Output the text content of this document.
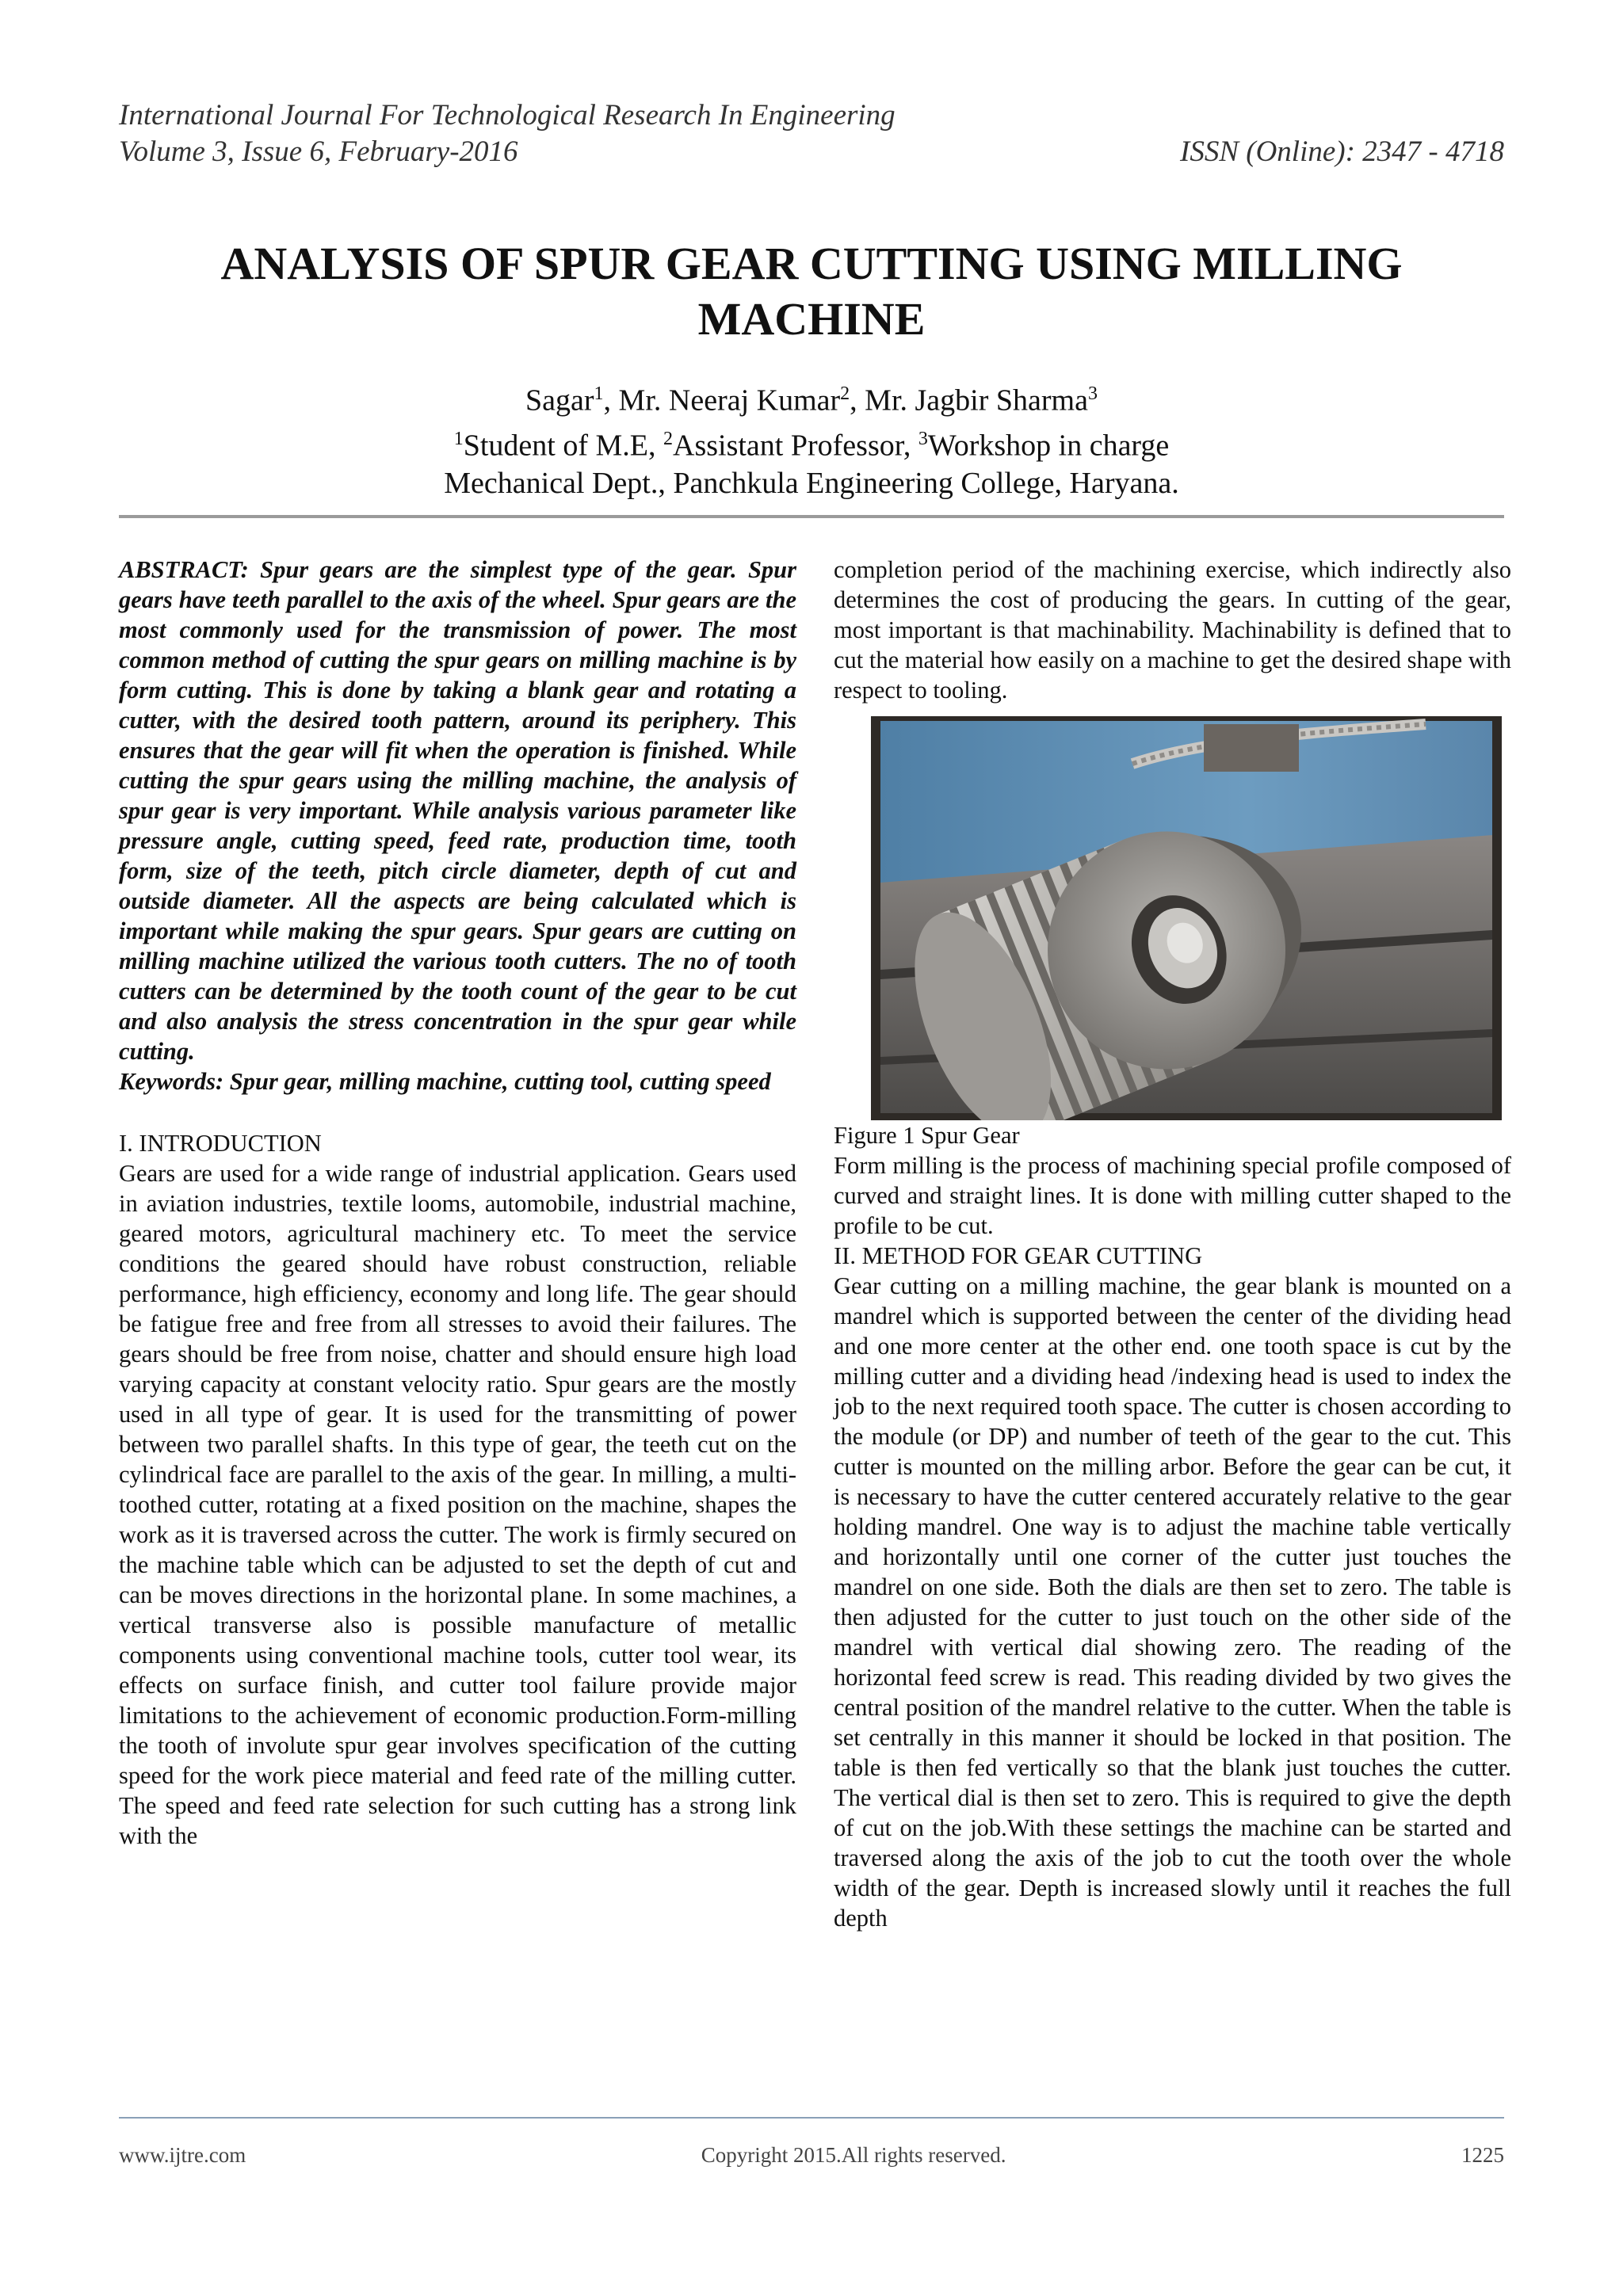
International Journal For Technological Research In Engineering
Volume 3, Issue 6, February-2016	ISSN (Online): 2347 - 4718
ANALYSIS OF SPUR GEAR CUTTING USING MILLING MACHINE
Sagar$^1$, Mr. Neeraj Kumar$^2$, Mr. Jagbir Sharma$^3$
$^1$Student of M.E, $^2$Assistant Professor, $^3$Workshop in charge
Mechanical Dept., Panchkula Engineering College, Haryana.

ABSTRACT: Spur gears are the simplest type of the gear. Spur gears have teeth parallel to the axis of the wheel. Spur gears are the most commonly used for the transmission of power. The most common method of cutting the spur gears on milling machine is by form cutting. This is done by taking a blank gear and rotating a cutter, with the desired tooth pattern, around its periphery. This ensures that the gear will fit when the operation is finished. While cutting the spur gears using the milling machine, the analysis of spur gear is very important. While analysis various parameter like pressure angle, cutting speed, feed rate, production time, tooth form, size of the teeth, pitch circle diameter, depth of cut and outside diameter. All the aspects are being calculated which is important while making the spur gears. Spur gears are cutting on milling machine utilized the various tooth cutters. The no of tooth cutters can be determined by the tooth count of the gear to be cut and also analysis the stress concentration in the spur gear while cutting.

Keywords: Spur gear, milling machine, cutting tool, cutting speed

I. INTRODUCTION

Gears are used for a wide range of industrial application. Gears used in aviation industries, textile looms, automobile, industrial machine, geared motors, agricultural machinery etc. To meet the service conditions the geared should have robust construction, reliable performance, high efficiency, economy and long life. The gear should be fatigue free and free from all stresses to avoid their failures. The gears should be free from noise, chatter and should ensure high load varying capacity at constant velocity ratio. Spur gears are the mostly used in all type of gear. It is used for the transmitting of power between two parallel shafts. In this type of gear, the teeth cut on the cylindrical face are parallel to the axis of the gear. In milling, a multi-toothed cutter, rotating at a fixed position on the machine, shapes the work as it is traversed across the cutter. The work is firmly secured on the machine table which can be adjusted to set the depth of cut and can be moves directions in the horizontal plane. In some machines, a vertical transverse also is possible manufacture of metallic components using conventional machine tools, cutter tool wear, its effects on surface finish, and cutter tool failure provide major limitations to the achievement of economic production.Form-milling the tooth of involute spur gear involves specification of the cutting speed for the work piece material and feed rate of the milling cutter. The speed and feed rate selection for such cutting has a strong link with the

completion period of the machining exercise, which indirectly also determines the cost of producing the gears. In cutting of the gear, most important is that machinability. Machinability is defined that to cut the material how easily on a machine to get the desired shape with respect to tooling.

Figure 1 Spur Gear

Form milling is the process of machining special profile composed of curved and straight lines. It is done with milling cutter shaped to the profile to be cut.

II. METHOD FOR GEAR CUTTING

Gear cutting on a milling machine, the gear blank is mounted on a mandrel which is supported between the center of the dividing head and one more center at the other end. one tooth space is cut by the milling cutter and a dividing head /indexing head is used to index the job to the next required tooth space. The cutter is chosen according to the module (or DP) and number of teeth of the gear to the cut. This cutter is mounted on the milling arbor. Before the gear can be cut, it is necessary to have the cutter centered accurately relative to the gear holding mandrel. One way is to adjust the machine table vertically and horizontally until one corner of the cutter just touches the mandrel on one side. Both the dials are then set to zero. The table is then adjusted for the cutter to just touch on the other side of the mandrel with vertical dial showing zero. The reading of the horizontal feed screw is read. This reading divided by two gives the central position of the mandrel relative to the cutter. When the table is set centrally in this manner it should be locked in that position. The table is then fed vertically so that the blank just touches the cutter. The vertical dial is then set to zero. This is required to give the depth of cut on the job.With these settings the machine can be started and traversed along the axis of the job to cut the tooth over the whole width of the gear. Depth is increased slowly until it reaches the full depth

www.ijtre.com	Copyright 2015.All rights reserved.	1225
